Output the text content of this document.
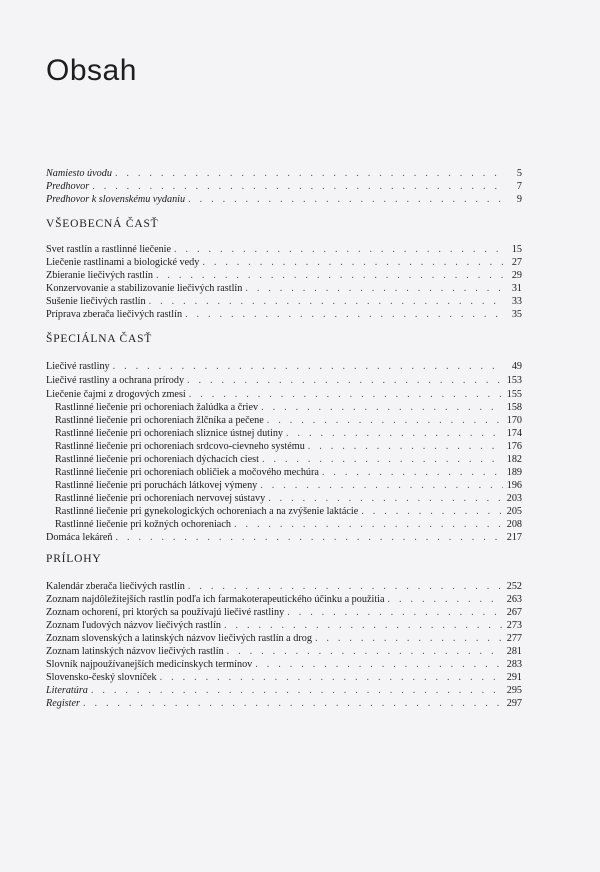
Obsah
Namiesto úvodu . . .	5
Predhovor . . .	7
Predhovor k slovenskému vydaniu . . .	9
VŠEOBECNÁ ČASŤ
Svet rastlín a rastlinné liečenie . . .	15
Liečenie rastlinami a biologické vedy . . .	27
Zbieranie liečivých rastlín . . .	29
Konzervovanie a stabilizovanie liečivých rastlín . . .	31
Sušenie liečivých rastlín . . .	33
Príprava zberača liečivých rastlín . . .	35
ŠPECIÁLNA ČASŤ
Liečivé rastliny . . .	49
Liečivé rastliny a ochrana prírody . . .	153
Liečenie čajmi z drogových zmesí . . .	155
Rastlinné liečenie pri ochoreniach žalúdka a čriev . . .	158
Rastlinné liečenie pri ochoreniach žlčníka a pečene . . .	170
Rastlinné liečenie pri ochoreniach sliznice ústnej dutiny . . .	174
Rastlinné liečenie pri ochoreniach srdcovo-cievneho systému . . .	176
Rastlinné liečenie pri ochoreniach dýchacích ciest . . .	182
Rastlinné liečenie pri ochoreniach obličiek a močového mechúra . . .	189
Rastlinné liečenie pri poruchách látkovej výmeny . . .	196
Rastlinné liečenie pri ochoreniach nervovej sústavy . . .	203
Rastlinné liečenie pri gynekologických ochoreniach a na zvýšenie laktácie . . .	205
Rastlinné liečenie pri kožných ochoreniach . . .	208
Domáca lekáreň . . .	217
PRÍLOHY
Kalendár zberača liečivých rastlín . . .	252
Zoznam najdôležitejších rastlín podľa ich farmakoterapeutického účinku a použitia . . .	263
Zoznam ochorení, pri ktorých sa používajú liečivé rastliny . . .	267
Zoznam ľudových názvov liečivých rastlín . . .	273
Zoznam slovenských a latinských názvov liečivých rastlín a drog . . .	277
Zoznam latinských názvov liečivých rastlín . . .	281
Slovník najpoužívanejších medicínskych termínov . . .	283
Slovensko-český slovníček . . .	291
Literatúra . . .	295
Register . . .	297
